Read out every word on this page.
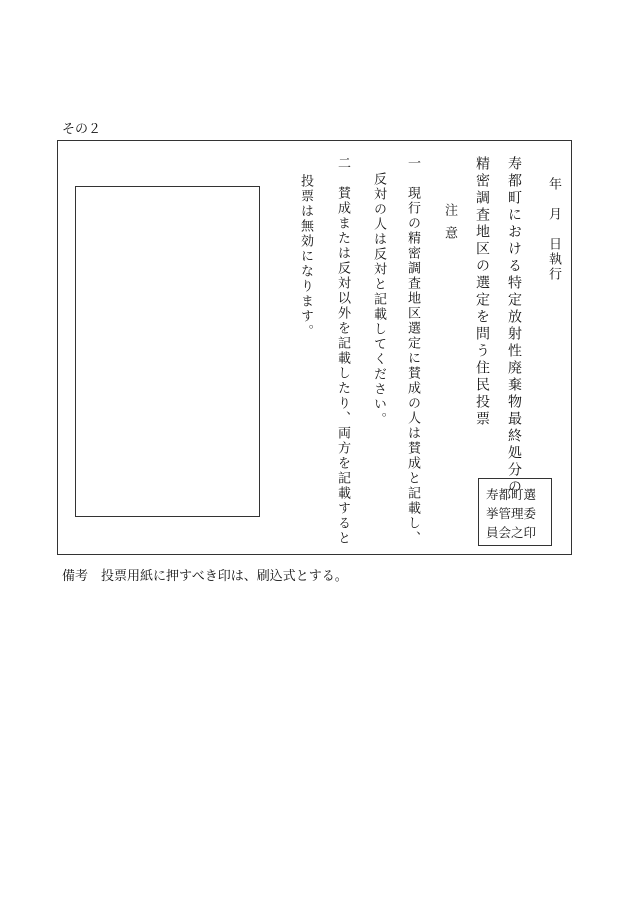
その２
年　月　日執行
寿都町における特定放射性廃棄物最終処分の
精密調査地区の選定を問う住民投票
注意
一　現行の精密調査地区選定に賛成の人は賛成と記載し、
反対の人は反対と記載してください。
二　賛成または反対以外を記載したり、両方を記載すると
投票は無効になります。
寿都町選
挙管理委
員会之印
備考　投票用紙に押すべき印は、刷込式とする。
